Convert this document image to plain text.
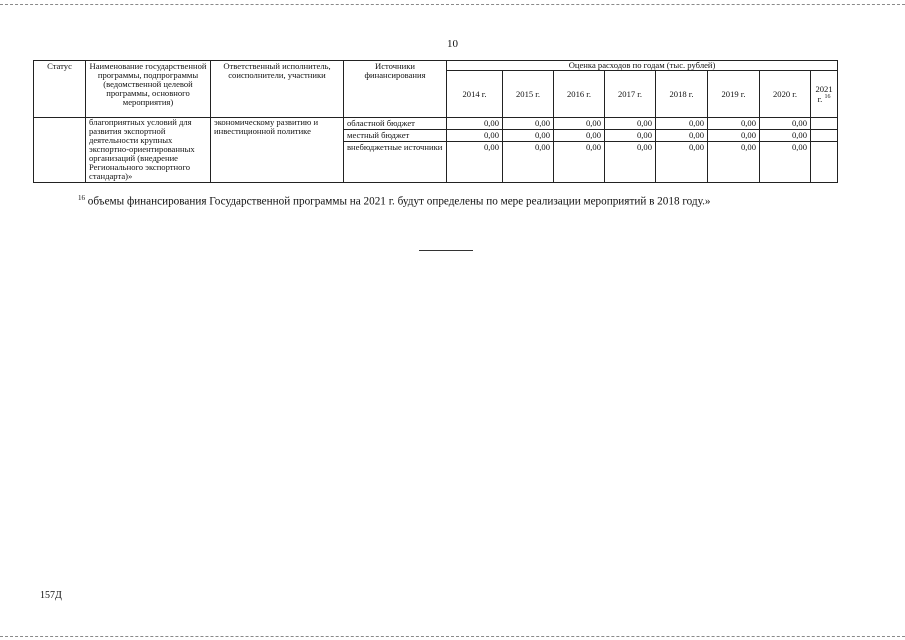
10
Статус	Наименование государственной программы, подпрограммы (ведомственной целевой программы, основного мероприятия)	Ответственный исполнитель, соисполнители, участники	Источники финансирования	Оценка расходов по годам (тыс. рублей)							
				2014 г.	2015 г.	2016 г.	2017 г.	2018 г.	2019 г.	2020 г.	2021 г. $^{16}$
	благоприятных условий для развития экспортной деятельности крупных экспортно-ориентированных организаций (внедрение Регионального экспортного стандарта)»	экономическому развитию и инвестиционной политике	областной бюджет	0,00	0,00	0,00	0,00	0,00	0,00	0,00	
			местный бюджет	0,00	0,00	0,00	0,00	0,00	0,00	0,00	
			внебюджетные источники	0,00	0,00	0,00	0,00	0,00	0,00	0,00	
$^{16}$ объемы финансирования Государственной программы на 2021 г. будут определены по мере реализации мероприятий в 2018 году.»
157Д
